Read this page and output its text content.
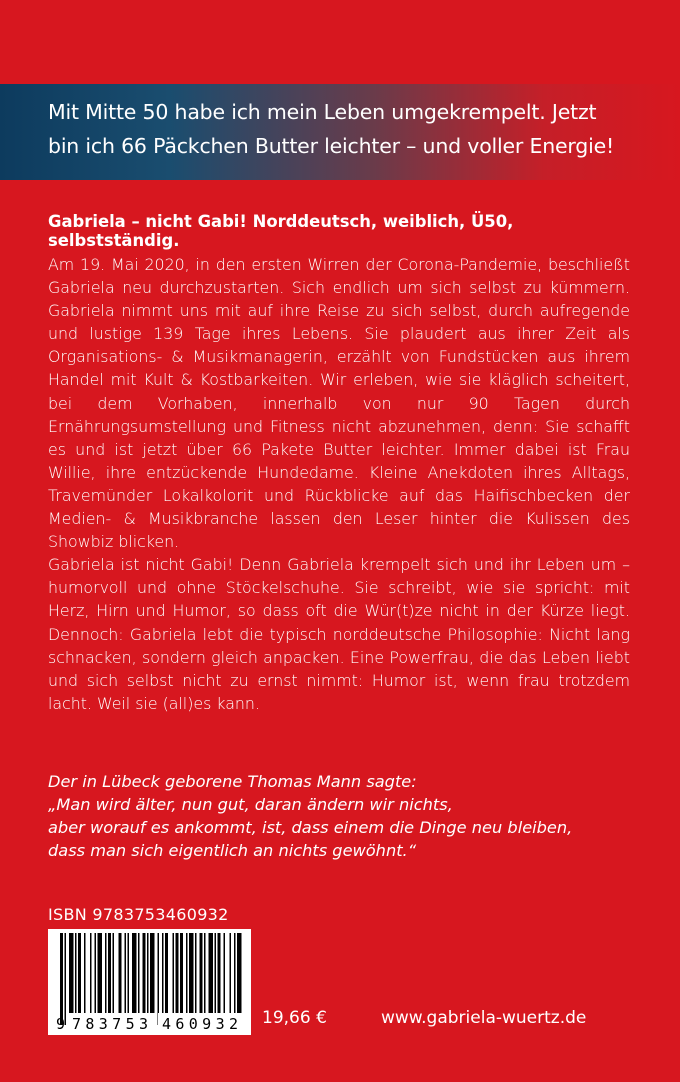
Mit Mitte 50 habe ich mein Leben umgekrempelt. Jetzt
bin ich 66 Päckchen Butter leichter – und voller Energie!
Gabriela – nicht Gabi! Norddeutsch, weiblich, Ü50, selbstständig.

Am 19. Mai 2020, in den ersten Wirren der Corona-Pandemie, beschließt Gabriela neu durchzustarten. Sich endlich um sich selbst zu kümmern. Gabriela nimmt uns mit auf ihre Reise zu sich selbst, durch aufregende und lustige 139 Tage ihres Lebens. Sie plaudert aus ihrer Zeit als Organisations- & Musikmanagerin, erzählt von Fundstücken aus ihrem Handel mit Kult & Kostbarkeiten. Wir erleben, wie sie kläglich scheitert, bei dem Vorhaben, innerhalb von nur 90 Tagen durch Ernährungsumstellung und Fitness nicht abzunehmen, denn: Sie schafft es und ist jetzt über 66 Pakete Butter leichter. Immer dabei ist Frau Willie, ihre entzückende Hundedame. Kleine Anekdoten ihres Alltags, Travemünder Lokalkolorit und Rückblicke auf das Haifischbecken der Medien- & Musikbranche lassen den Leser hinter die Kulissen des Showbiz blicken.

Gabriela ist nicht Gabi! Denn Gabriela krempelt sich und ihr Leben um – humorvoll und ohne Stöckelschuhe. Sie schreibt, wie sie spricht: mit Herz, Hirn und Humor, so dass oft die Wür(t)ze nicht in der Kürze liegt. Dennoch: Gabriela lebt die typisch norddeutsche Philosophie: Nicht lang schnacken, sondern gleich anpacken. Eine Powerfrau, die das Leben liebt und sich selbst nicht zu ernst nimmt: Humor ist, wenn frau trotzdem lacht. Weil sie (all)es kann.

Der in Lübeck geborene Thomas Mann sagte:
„Man wird älter, nun gut, daran ändern wir nichts,
aber worauf es ankommt, ist, dass einem die Dinge neu bleiben,
dass man sich eigentlich an nichts gewöhnt.“
ISBN 9783753460932
9 783753 460932 19,66 €	www.gabriela-wuertz.de
